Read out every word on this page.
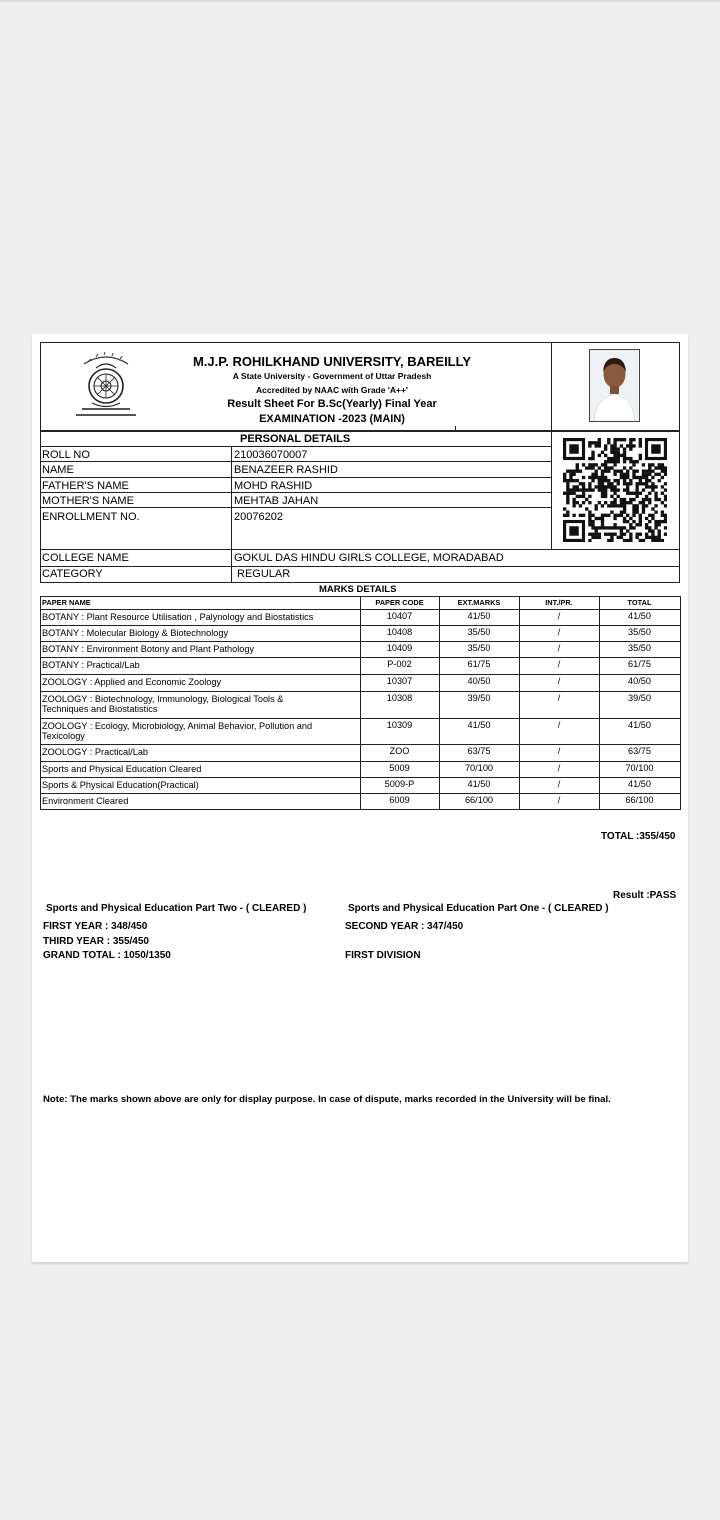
M.J.P. ROHILKHAND UNIVERSITY, BAREILLY
A State University - Government of Uttar Pradesh
Accredited by NAAC with Grade 'A++'
Result Sheet For B.Sc(Yearly) Final Year
EXAMINATION -2023 (MAIN)
PERSONAL DETAILS
ROLL NO	210036070007
NAME	BENAZEER RASHID
FATHER'S NAME	MOHD RASHID
MOTHER'S NAME	MEHTAB JAHAN
ENROLLMENT NO.	20076202
COLLEGE NAME	GOKUL DAS HINDU GIRLS COLLEGE, MORADABAD
CATEGORY	REGULAR
MARKS DETAILS
PAPER NAME	PAPER CODE	EXT.MARKS	INT./PR.	TOTAL
BOTANY : Plant Resource Utilisation , Palynology and Biostatistics	10407	41/50	/	41/50
BOTANY : Molecular Biology & Biotechnology	10408	35/50	/	35/50
BOTANY : Environment Botony and Plant Pathology	10409	35/50	/	35/50
BOTANY : Practical/Lab	P-002	61/75	/	61/75
ZOOLOGY : Applied and Economic Zoology	10307	40/50	/	40/50
ZOOLOGY : Biotechnology, Immunology, Biological Tools &
Techniques and Biostatistics
10308	39/50	/	39/50
ZOOLOGY : Ecology, Microbiology, Animal Behavior, Pollution and
Texicology
10309	41/50	/	41/50
ZOOLOGY : Practical/Lab	ZOO	63/75	/	63/75
Sports and Physical Education Cleared	5009	70/100	/	70/100
Sports & Physical Education(Practical)	5009-P	41/50	/	41/50
Environment Cleared	6009	66/100	/	66/100
TOTAL :355/450
Result :PASS
Sports and Physical Education Part Two - ( CLEARED )	Sports and Physical Education Part One - ( CLEARED )
FIRST YEAR : 348/450	SECOND YEAR : 347/450
THIRD YEAR : 355/450
GRAND TOTAL : 1050/1350	FIRST DIVISION
Note: The marks shown above are only for display purpose. In case of dispute, marks recorded in the University will be final.
